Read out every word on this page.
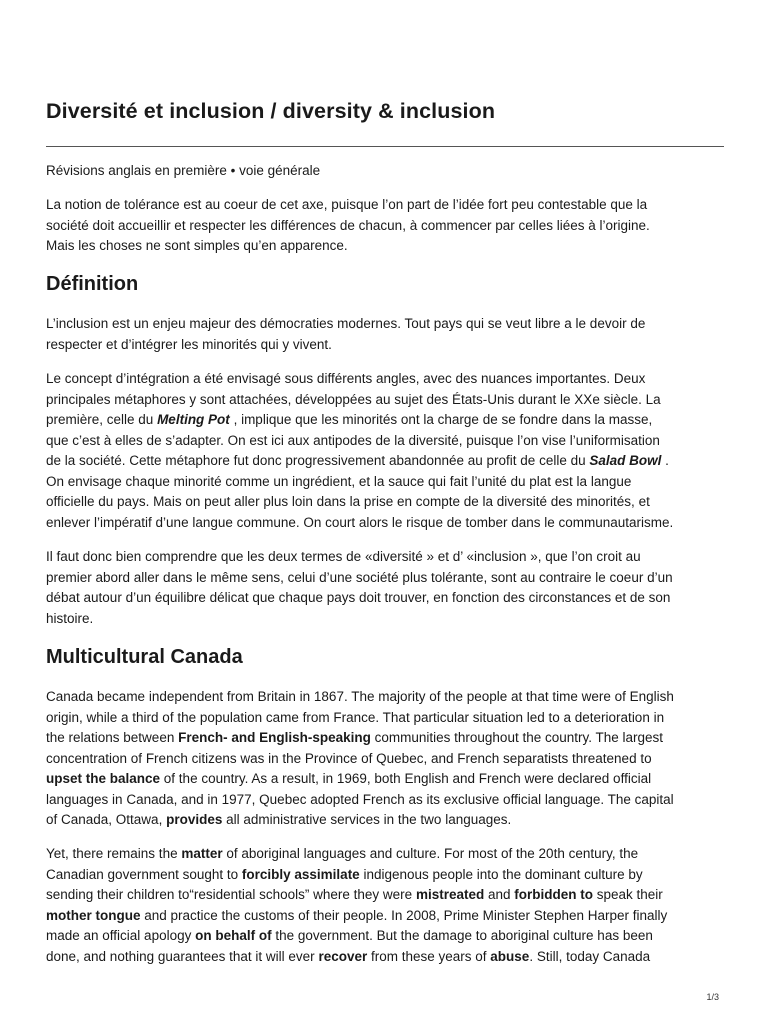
Diversité et inclusion / diversity & inclusion
Révisions anglais en première • voie générale

La notion de tolérance est au coeur de cet axe, puisque l’on part de l’idée fort peu contestable que la
société doit accueillir et respecter les différences de chacun, à commencer par celles liées à l’origine.
Mais les choses ne sont simples qu’en apparence.

Définition

L’inclusion est un enjeu majeur des démocraties modernes. Tout pays qui se veut libre a le devoir de
respecter et d’intégrer les minorités qui y vivent.

Le concept d’intégration a été envisagé sous différents angles, avec des nuances importantes. Deux
principales métaphores y sont attachées, développées au sujet des États-Unis durant le XXe siècle. La
première, celle du Melting Pot , implique que les minorités ont la charge de se fondre dans la masse,
que c’est à elles de s’adapter. On est ici aux antipodes de la diversité, puisque l’on vise l’uniformisation
de la société. Cette métaphore fut donc progressivement abandonnée au profit de celle du Salad Bowl .
On envisage chaque minorité comme un ingrédient, et la sauce qui fait l’unité du plat est la langue
officielle du pays. Mais on peut aller plus loin dans la prise en compte de la diversité des minorités, et
enlever l’impératif d’une langue commune. On court alors le risque de tomber dans le communautarisme.

Il faut donc bien comprendre que les deux termes de «diversité » et d’ «inclusion », que l’on croit au
premier abord aller dans le même sens, celui d’une société plus tolérante, sont au contraire le coeur d’un
débat autour d’un équilibre délicat que chaque pays doit trouver, en fonction des circonstances et de son
histoire.

Multicultural Canada

Canada became independent from Britain in 1867. The majority of the people at that time were of English
origin, while a third of the population came from France. That particular situation led to a deterioration in
the relations between French- and English-speaking communities throughout the country. The largest
concentration of French citizens was in the Province of Quebec, and French separatists threatened to
upset the balance of the country. As a result, in 1969, both English and French were declared official
languages in Canada, and in 1977, Quebec adopted French as its exclusive official language. The capital
of Canada, Ottawa, provides all administrative services in the two languages.

Yet, there remains the matter of aboriginal languages and culture. For most of the 20th century, the
Canadian government sought to forcibly assimilate indigenous people into the dominant culture by
sending their children to“residential schools” where they were mistreated and forbidden to speak their
mother tongue and practice the customs of their people. In 2008, Prime Minister Stephen Harper finally
made an official apology on behalf of the government. But the damage to aboriginal culture has been
done, and nothing guarantees that it will ever recover from these years of abuse. Still, today Canada

1/3
